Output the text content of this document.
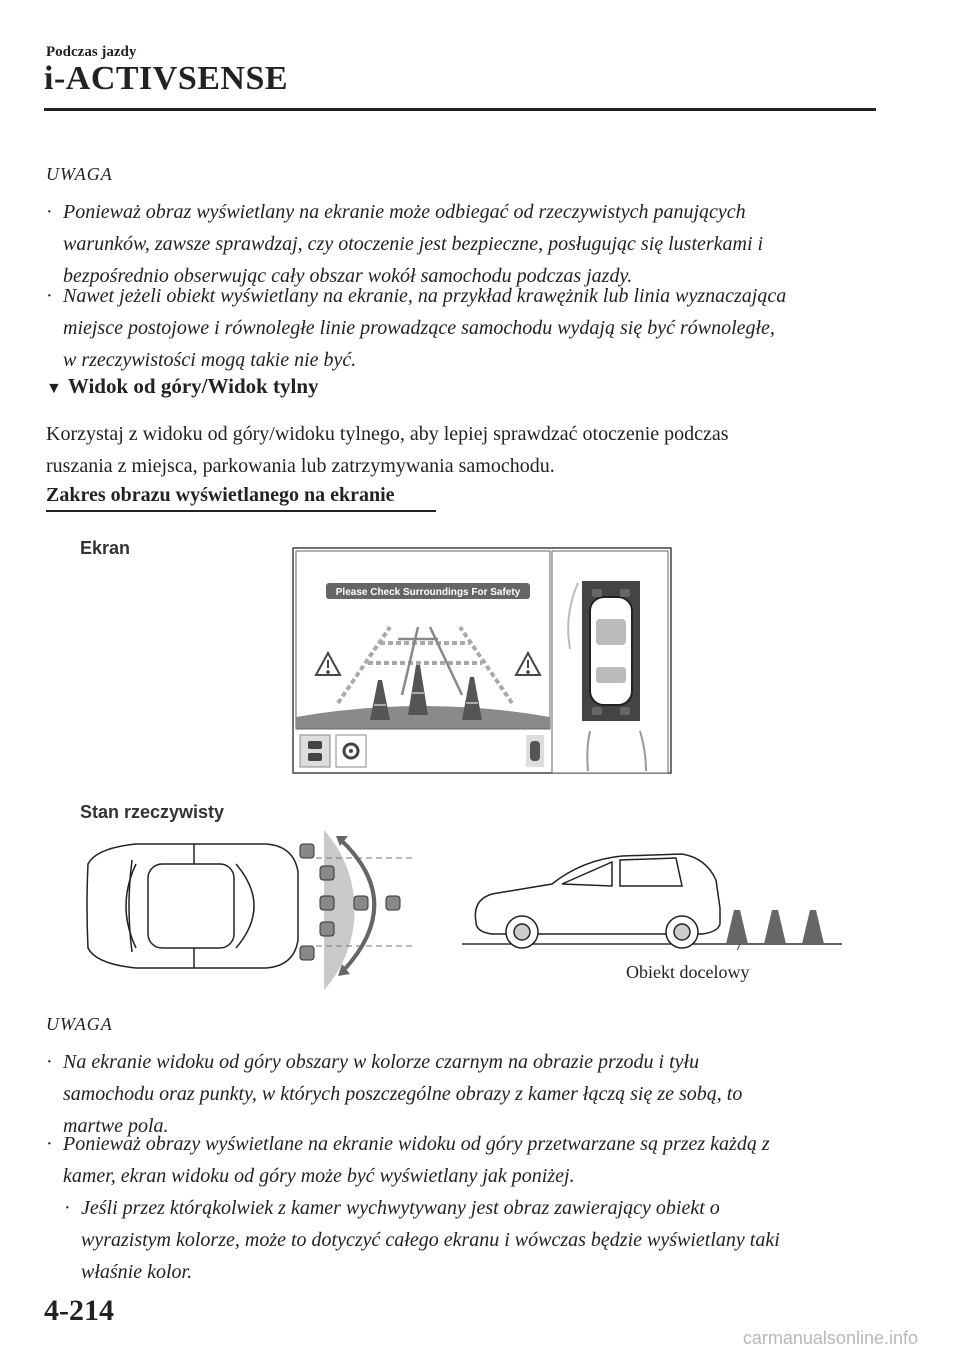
Podczas jazdy
i-ACTIVSENSE
UWAGA
· Ponieważ obraz wyświetlany na ekranie może odbiegać od rzeczywistych panujących
warunków, zawsze sprawdzaj, czy otoczenie jest bezpieczne, posługując się lusterkami i
bezpośrednio obserwując cały obszar wokół samochodu podczas jazdy.
· Nawet jeżeli obiekt wyświetlany na ekranie, na przykład krawężnik lub linia wyznaczająca
miejsce postojowe i równoległe linie prowadzące samochodu wydają się być równoległe,
w rzeczywistości mogą takie nie być.
▼ Widok od góry/Widok tylny
Korzystaj z widoku od góry/widoku tylnego, aby lepiej sprawdzać otoczenie podczas
ruszania z miejsca, parkowania lub zatrzymywania samochodu.
Zakres obrazu wyświetlanego na ekranie
Ekran
Please Check Surroundings For Safety
Stan rzeczywisty
Obiekt docelowy
UWAGA
· Na ekranie widoku od góry obszary w kolorze czarnym na obrazie przodu i tyłu
samochodu oraz punkty, w których poszczególne obrazy z kamer łączą się ze sobą, to
martwe pola.
· Ponieważ obrazy wyświetlane na ekranie widoku od góry przetwarzane są przez każdą z
kamer, ekran widoku od góry może być wyświetlany jak poniżej.
· Jeśli przez którąkolwiek z kamer wychwytywany jest obraz zawierający obiekt o
wyrazistym kolorze, może to dotyczyć całego ekranu i wówczas będzie wyświetlany taki
właśnie kolor.
4-214
carmanualsonline.info
